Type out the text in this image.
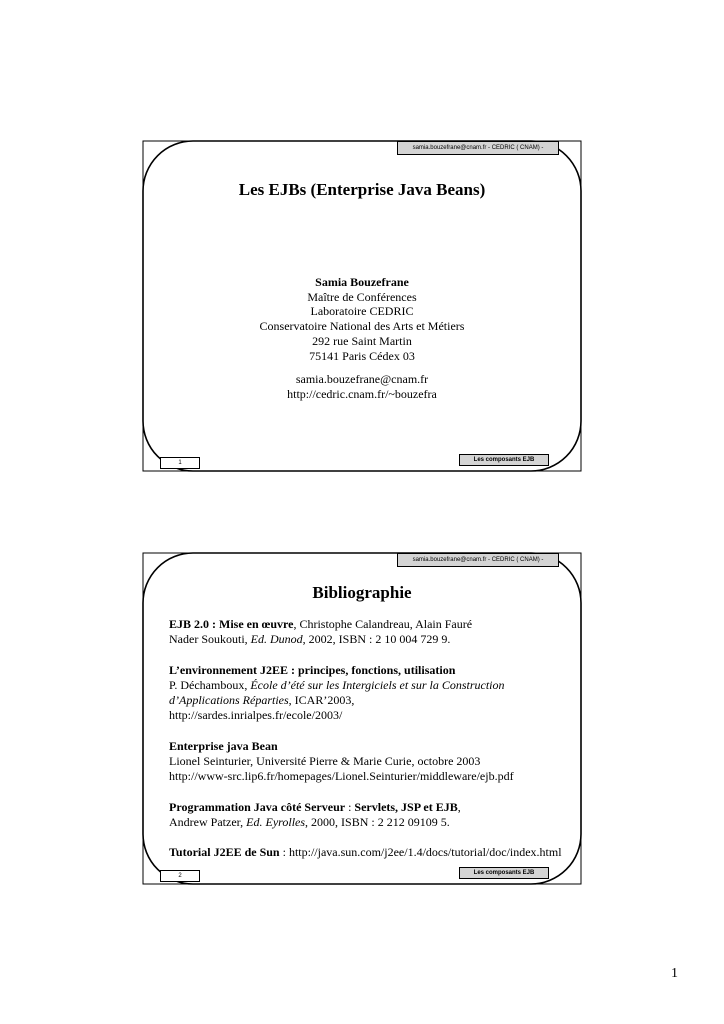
samia.bouzefrane@cnam.fr - CEDRIC ( CNAM) -
Les EJBs (Enterprise Java Beans)
Samia Bouzefrane
Maître de Conférences
Laboratoire CEDRIC
Conservatoire National des Arts et Métiers
292 rue Saint Martin
75141 Paris Cédex 03
samia.bouzefrane@cnam.fr
http://cedric.cnam.fr/~bouzefra
1	Les composants EJB
samia.bouzefrane@cnam.fr - CEDRIC ( CNAM) -
Bibliographie
EJB 2.0 : Mise en œuvre, Christophe Calandreau, Alain Fauré
Nader Soukouti, Ed. Dunod, 2002, ISBN : 2 10 004 729 9.
L’environnement J2EE : principes, fonctions, utilisation
P. Déchamboux, École d’été sur les Intergiciels et sur la Construction
d’Applications Réparties, ICAR’2003,
http://sardes.inrialpes.fr/ecole/2003/
Enterprise java Bean
Lionel Seinturier, Université Pierre & Marie Curie, octobre 2003
http://www-src.lip6.fr/homepages/Lionel.Seinturier/middleware/ejb.pdf
Programmation Java côté Serveur : Servlets, JSP et EJB,
Andrew Patzer, Ed. Eyrolles, 2000, ISBN : 2 212 09109 5.
Tutorial J2EE de Sun : http://java.sun.com/j2ee/1.4/docs/tutorial/doc/index.html
2	Les composants EJB
1
